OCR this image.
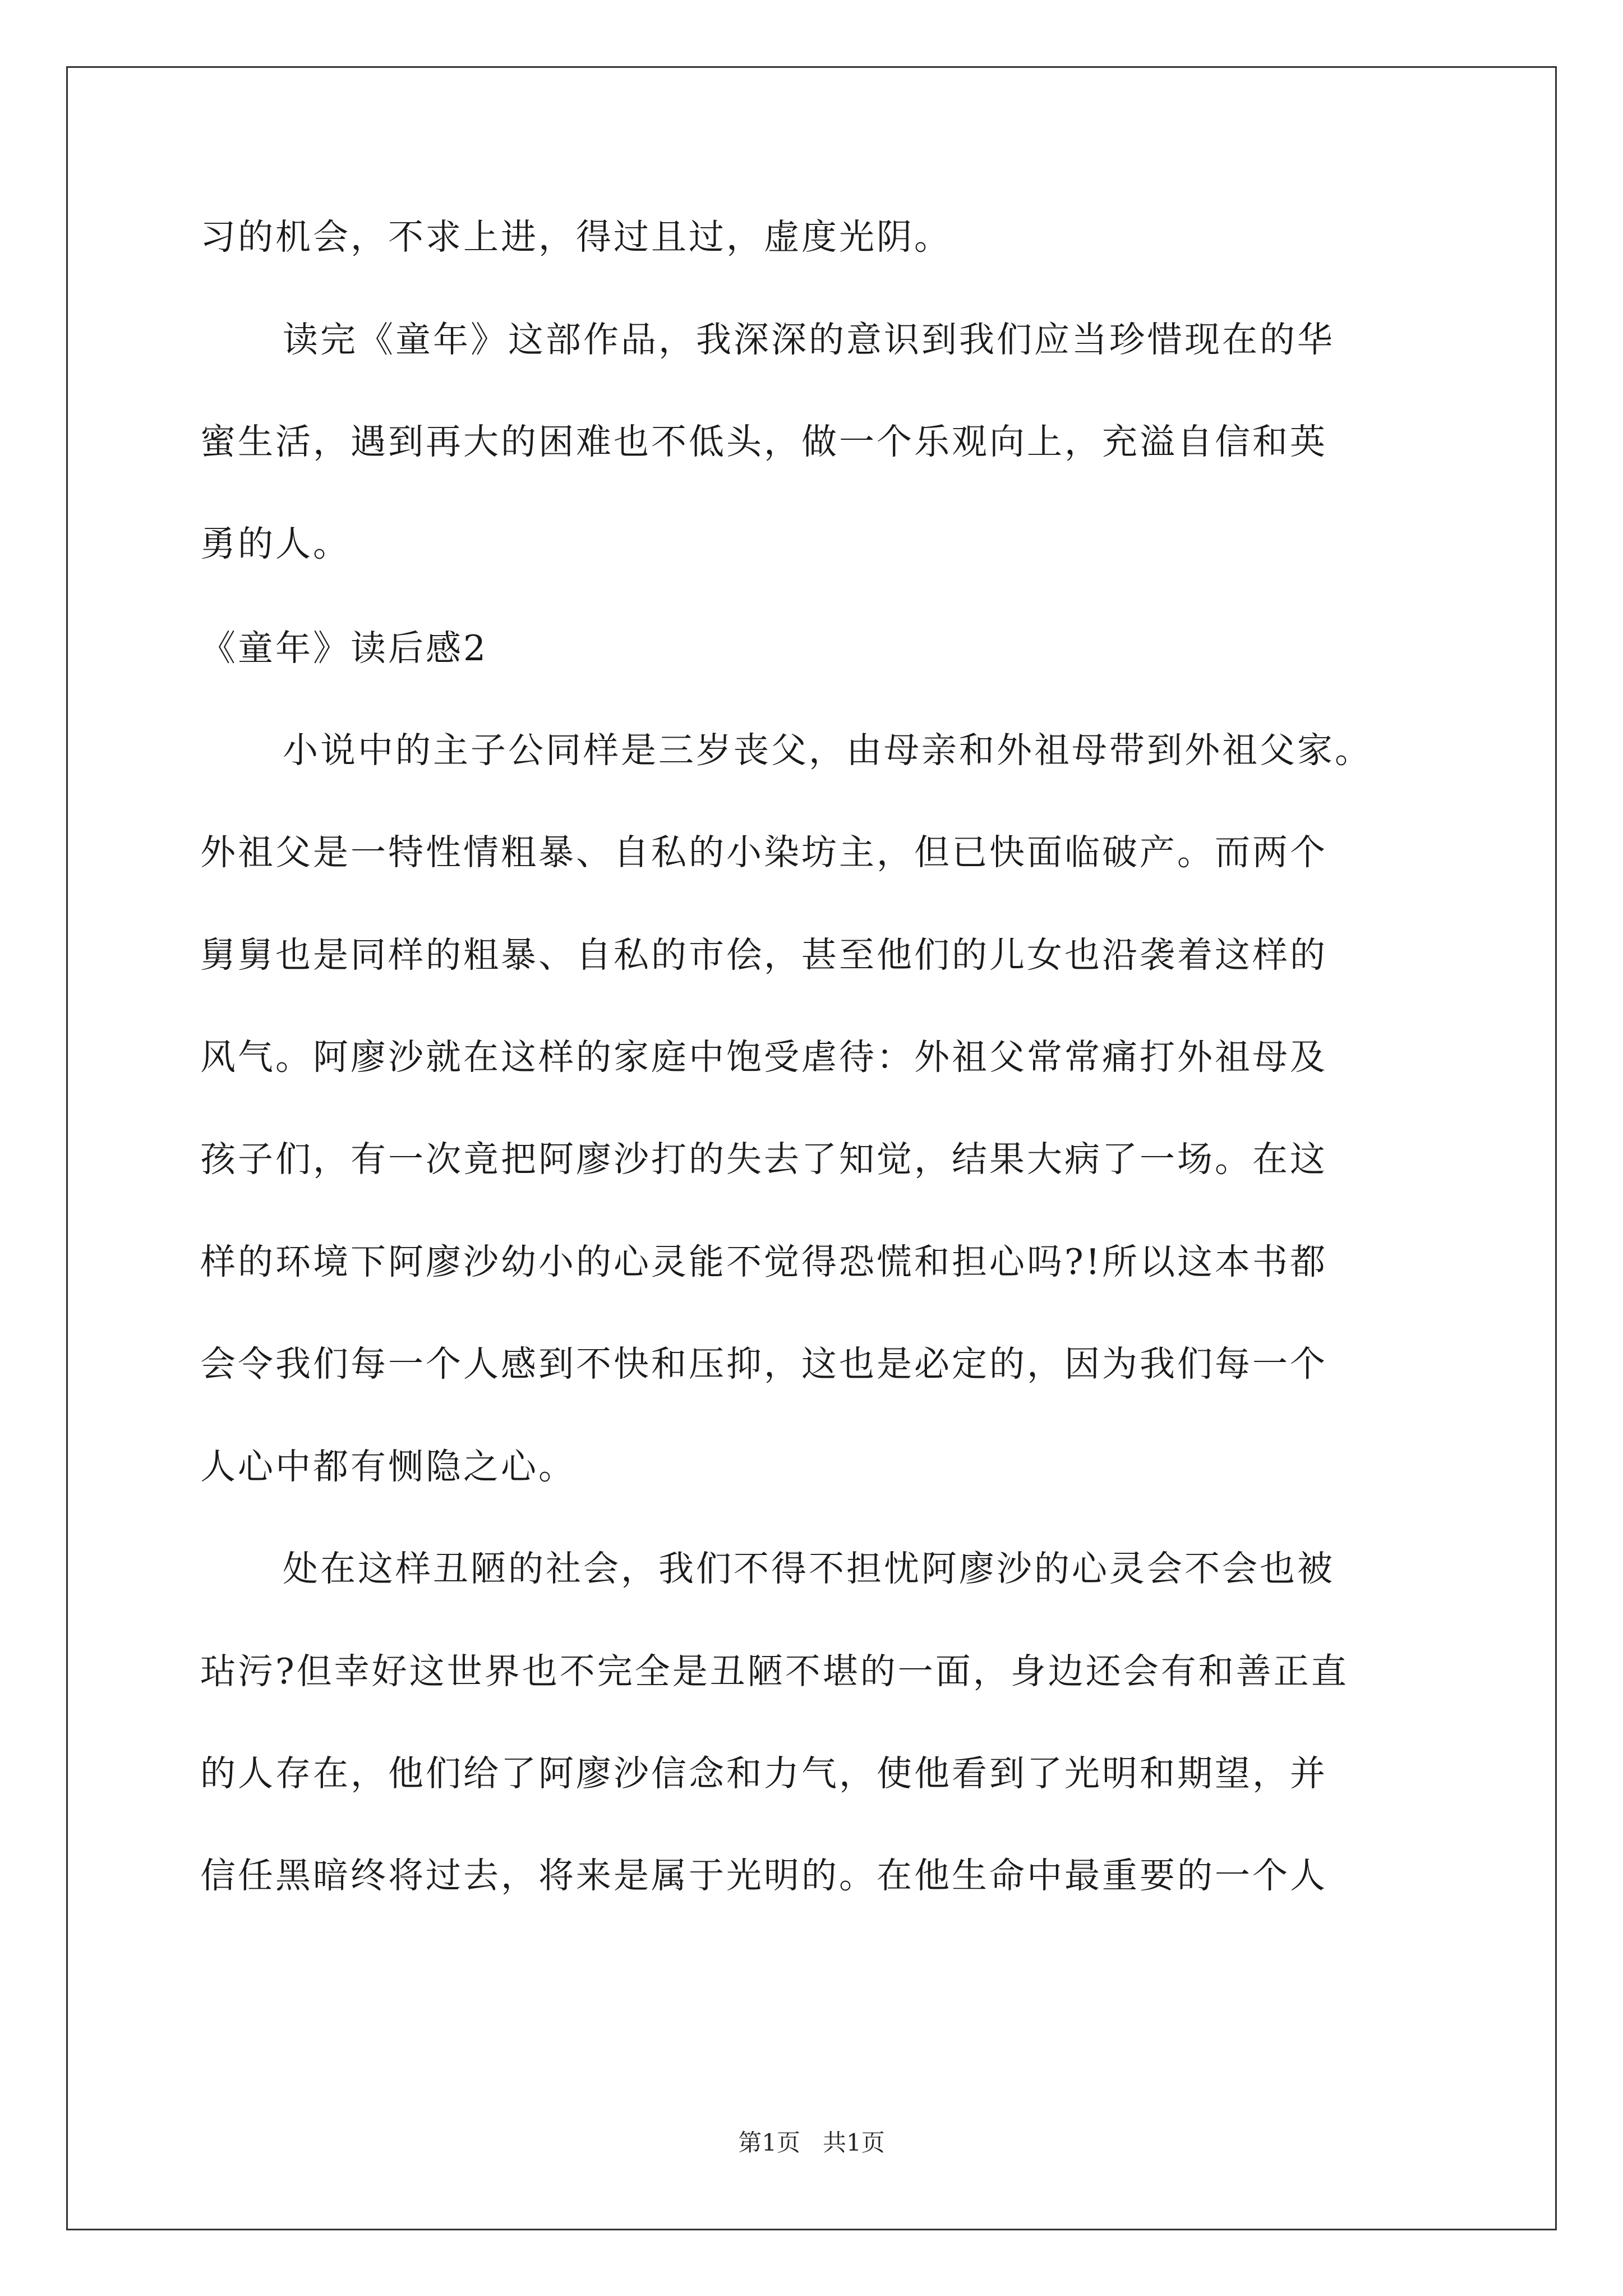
习的机会，不求上进，得过且过，虚度光阴。
读完《童年》这部作品，我深深的意识到我们应当珍惜现在的华
蜜生活，遇到再大的困难也不低头，做一个乐观向上，充溢自信和英
勇的人。
《童年》读后感2
小说中的主子公同样是三岁丧父，由母亲和外祖母带到外祖父家。
外祖父是一特性情粗暴、自私的小染坊主，但已快面临破产。而两个
舅舅也是同样的粗暴、自私的市侩，甚至他们的儿女也沿袭着这样的
风气。阿廖沙就在这样的家庭中饱受虐待：外祖父常常痛打外祖母及
孩子们，有一次竟把阿廖沙打的失去了知觉，结果大病了一场。在这
样的环境下阿廖沙幼小的心灵能不觉得恐慌和担心吗?!所以这本书都
会令我们每一个人感到不快和压抑，这也是必定的，因为我们每一个
人心中都有恻隐之心。
处在这样丑陋的社会，我们不得不担忧阿廖沙的心灵会不会也被
玷污?但幸好这世界也不完全是丑陋不堪的一面，身边还会有和善正直
的人存在，他们给了阿廖沙信念和力气，使他看到了光明和期望，并
信任黑暗终将过去，将来是属于光明的。在他生命中最重要的一个人
第1页 共1页
